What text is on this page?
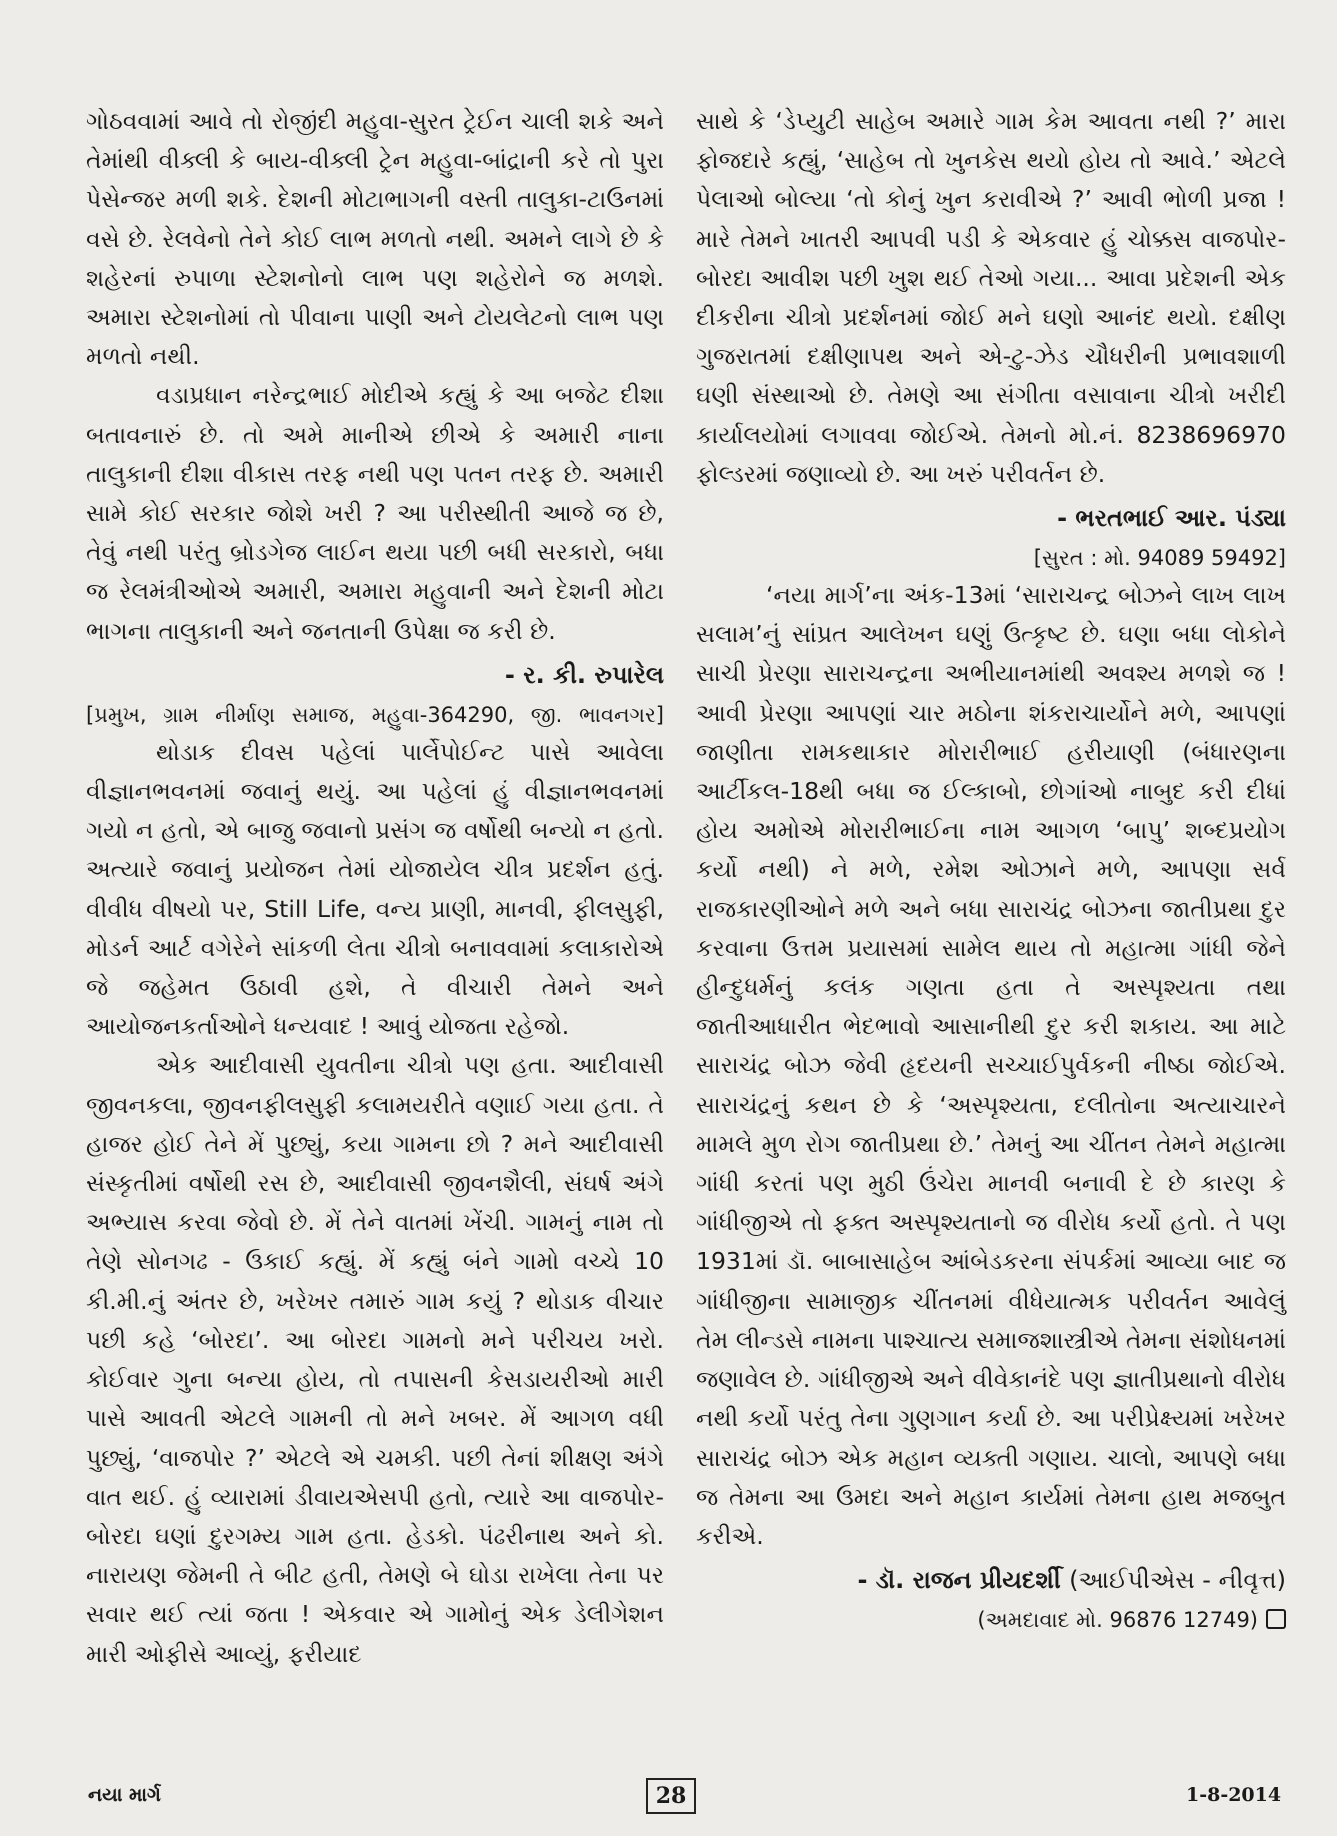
ગોઠવવામાં આવે તો રોજીંદી મહુવા-સુરત ટ્રેઈન ચાલી શકે અને તેમાંથી વીક્લી કે બાય-વીક્લી ટ્રેન મહુવા-બાંદ્રાની કરે તો પુરા પેસેન્જર મળી શકે. દેશની મોટાભાગની વસ્તી તાલુકા-ટાઉનમાં વસે છે. રેલવેનો તેને કોઈ લાભ મળતો નથી. અમને લાગે છે કે શહેરનાં રુપાળા સ્ટેશનોનો લાભ પણ શહેરોને જ મળશે. અમારા સ્ટેશનોમાં તો પીવાના પાણી અને ટોયલેટનો લાભ પણ મળતો નથી.

વડાપ્રધાન નરેન્દ્રભાઈ મોદીએ કહ્યું કે આ બજેટ દીશા બતાવનારું છે. તો અમે માનીએ છીએ કે અમારી નાના તાલુકાની દીશા વીકાસ તરફ નથી પણ પતન તરફ છે. અમારી સામે કોઈ સરકાર જોશે ખરી ? આ પરીસ્થીતી આજે જ છે, તેવું નથી પરંતુ બ્રોડગેજ લાઈન થયા પછી બધી સરકારો, બધા જ રેલમંત્રીઓએ અમારી, અમારા મહુવાની અને દેશની મોટા ભાગના તાલુકાની અને જનતાની ઉપેક્ષા જ કરી છે.

- ર. કી. રુપારેલ
[પ્રમુખ, ગ્રામ નીર્માણ સમાજ, મહુવા-364290, જી. ભાવનગર]

થોડાક દીવસ પહેલાં પાર્લેપોઈન્ટ પાસે આવેલા વીજ્ઞાનભવનમાં જવાનું થયું. આ પહેલાં હું વીજ્ઞાનભવનમાં ગયો ન હતો, એ બાજુ જવાનો પ્રસંગ જ વર્ષોથી બન્યો ન હતો. અત્યારે જવાનું પ્રયોજન તેમાં યોજાયેલ ચીત્ર પ્રદર્શન હતું. વીવીધ વીષયો પર, Still Life, વન્ય પ્રાણી, માનવી, ફીલસુફી, મોડર્ન આર્ટ વગેરેને સાંકળી લેતા ચીત્રો બનાવવામાં કલાકારોએ જે જહેમત ઉઠાવી હશે, તે વીચારી તેમને અને આયોજનકર્તાઓને ધન્યવાદ ! આવું યોજતા રહેજો.

એક આદીવાસી યુવતીના ચીત્રો પણ હતા. આદીવાસી જીવનકલા, જીવનફીલસુફી કલામયરીતે વણાઈ ગયા હતા. તે હાજર હોઈ તેને મેં પુછ્યું, કયા ગામના છો ? મને આદીવાસી સંસ્કૃતીમાં વર્ષોથી રસ છે, આદીવાસી જીવનશૈલી, સંઘર્ષ અંગે અભ્યાસ કરવા જેવો છે. મેં તેને વાતમાં ખેંચી. ગામનું નામ તો તેણે સોનગઢ - ઉકાઈ કહ્યું. મેં કહ્યું બંને ગામો વચ્ચે 10 કી.મી.નું અંતર છે, ખરેખર તમારું ગામ કયું ? થોડાક વીચાર પછી કહે ‘બોરદા’. આ બોરદા ગામનો મને પરીચય ખરો. કોઈવાર ગુના બન્યા હોય, તો તપાસની કેસડાયરીઓ મારી પાસે આવતી એટલે ગામની તો મને ખબર. મેં આગળ વધી પુછ્યું, ‘વાજપોર ?’ એટલે એ ચમકી. પછી તેનાં શીક્ષણ અંગે વાત થઈ. હું વ્યારામાં ડીવાયએસપી હતો, ત્યારે આ વાજપોર-બોરદા ઘણાં દુરગમ્ય ગામ હતા. હેડકો. પંઢરીનાથ અને કો. નારાયણ જેમની તે બીટ હતી, તેમણે બે ઘોડા રાખેલા તેના પર સવાર થઈ ત્યાં જતા ! એકવાર એ ગામોનું એક ડેલીગેશન મારી ઓફીસે આવ્યું, ફરીયાદ

સાથે કે ‘ડેપ્યુટી સાહેબ અમારે ગામ કેમ આવતા નથી ?’ મારા ફોજદારે કહ્યું, ‘સાહેબ તો ખુનકેસ થયો હોય તો આવે.’ એટલે પેલાઓ બોલ્યા ‘તો કોનું ખુન કરાવીએ ?’ આવી ભોળી પ્રજા ! મારે તેમને ખાતરી આપવી પડી કે એકવાર હું ચોક્કસ વાજપોર-બોરદા આવીશ પછી ખુશ થઈ તેઓ ગયા... આવા પ્રદેશની એક દીકરીના ચીત્રો પ્રદર્શનમાં જોઈ મને ઘણો આનંદ થયો. દક્ષીણ ગુજરાતમાં દક્ષીણાપથ અને એ-ટુ-ઝેડ ચૌધરીની પ્રભાવશાળી ઘણી સંસ્થાઓ છે. તેમણે આ સંગીતા વસાવાના ચીત્રો ખરીદી કાર્યાલયોમાં લગાવવા જોઈએ. તેમનો મો.નં. 8238696970 ફોલ્ડરમાં જણાવ્યો છે. આ ખરું પરીવર્તન છે.

- ભરતભાઈ આર. પંડ્યા
[સુરત : મો. 94089 59492]

‘નયા માર્ગ’ના અંક-13માં ‘સારાચન્દ્ર બોઝને લાખ લાખ સલામ’નું સાંપ્રત આલેખન ઘણું ઉત્કૃષ્ટ છે. ઘણા બધા લોકોને સાચી પ્રેરણા સારાચન્દ્રના અભીયાનમાંથી અવશ્ય મળશે જ ! આવી પ્રેરણા આપણાં ચાર મઠોના શંકરાચાર્યોને મળે, આપણાં જાણીતા રામકથાકાર મોરારીભાઈ હરીયાણી (બંધારણના આર્ટીકલ-18થી બધા જ ઈલ્કાબો, છોગાંઓ નાબુદ કરી દીધાં હોય અમોએ મોરારીભાઈના નામ આગળ ‘બાપુ’ શબ્દપ્રયોગ કર્યો નથી) ને મળે, રમેશ ઓઝાને મળે, આપણા સર્વ રાજકારણીઓને મળે અને બધા સારાચંદ્ર બોઝના જાતીપ્રથા દુર કરવાના ઉત્તમ પ્રયાસમાં સામેલ થાય તો મહાત્મા ગાંધી જેને હીન્દુધર્મનું કલંક ગણતા હતા તે અસ્પૃશ્યતા તથા જાતીઆધારીત ભેદભાવો આસાનીથી દુર કરી શકાય. આ માટે સારાચંદ્ર બોઝ જેવી હૃદયની સચ્ચાઈપુર્વકની નીષ્ઠા જોઈએ. સારાચંદ્રનું કથન છે કે ‘અસ્પૃશ્યતા, દલીતોના અત્યાચારને મામલે મુળ રોગ જાતીપ્રથા છે.’ તેમનું આ ચીંતન તેમને મહાત્મા ગાંધી કરતાં પણ મુઠી ઉંચેરા માનવી બનાવી દે છે કારણ કે ગાંધીજીએ તો ફક્ત અસ્પૃશ્યતાનો જ વીરોધ કર્યો હતો. તે પણ 1931માં ડૉ. બાબાસાહેબ આંબેડકરના સંપર્કમાં આવ્યા બાદ જ ગાંધીજીના સામાજીક ચીંતનમાં વીધેયાત્મક પરીવર્તન આવેલું તેમ લીન્ડસે નામના પાશ્ચાત્ય સમાજશાસ્ત્રીએ તેમના સંશોધનમાં જણાવેલ છે. ગાંધીજીએ અને વીવેકાનંદે પણ જ્ઞાતીપ્રથાનો વીરોધ નથી કર્યો પરંતુ તેના ગુણગાન કર્યા છે. આ પરીપ્રેક્ષ્યમાં ખરેખર સારાચંદ્ર બોઝ એક મહાન વ્યક્તી ગણાય. ચાલો, આપણે બધા જ તેમના આ ઉમદા અને મહાન કાર્યમાં તેમના હાથ મજબુત કરીએ.

- ડૉ. રાજન પ્રીયદર્શી (આઈપીએસ - નીવૃત્ત)
(અમદાવાદ મો. 96876 12749)
નયા માર્ગ	28	1-8-2014
